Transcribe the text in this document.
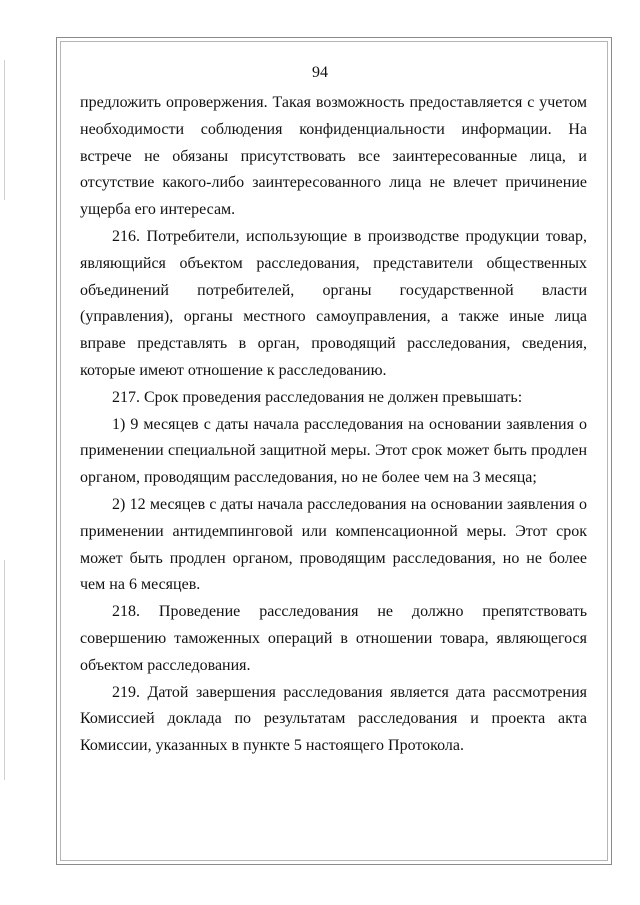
94

предложить опровержения. Такая возможность предоставляется с учетом необходимости соблюдения конфиденциальности информации. На встрече не обязаны присутствовать все заинтересованные лица, и отсутствие какого-либо заинтересованного лица не влечет причинение ущерба его интересам.

216. Потребители, использующие в производстве продукции товар, являющийся объектом расследования, представители общественных объединений потребителей, органы государственной власти (управления), органы местного самоуправления, а также иные лица вправе представлять в орган, проводящий расследования, сведения, которые имеют отношение к расследованию.

217. Срок проведения расследования не должен превышать:

1) 9 месяцев с даты начала расследования на основании заявления о применении специальной защитной меры. Этот срок может быть продлен органом, проводящим расследования, но не более чем на 3 месяца;

2) 12 месяцев с даты начала расследования на основании заявления о применении антидемпинговой или компенсационной меры. Этот срок может быть продлен органом, проводящим расследования, но не более чем на 6 месяцев.

218. Проведение расследования не должно препятствовать совершению таможенных операций в отношении товара, являющегося объектом расследования.

219. Датой завершения расследования является дата рассмотрения Комиссией доклада по результатам расследования и проекта акта Комиссии, указанных в пункте 5 настоящего Протокола.
